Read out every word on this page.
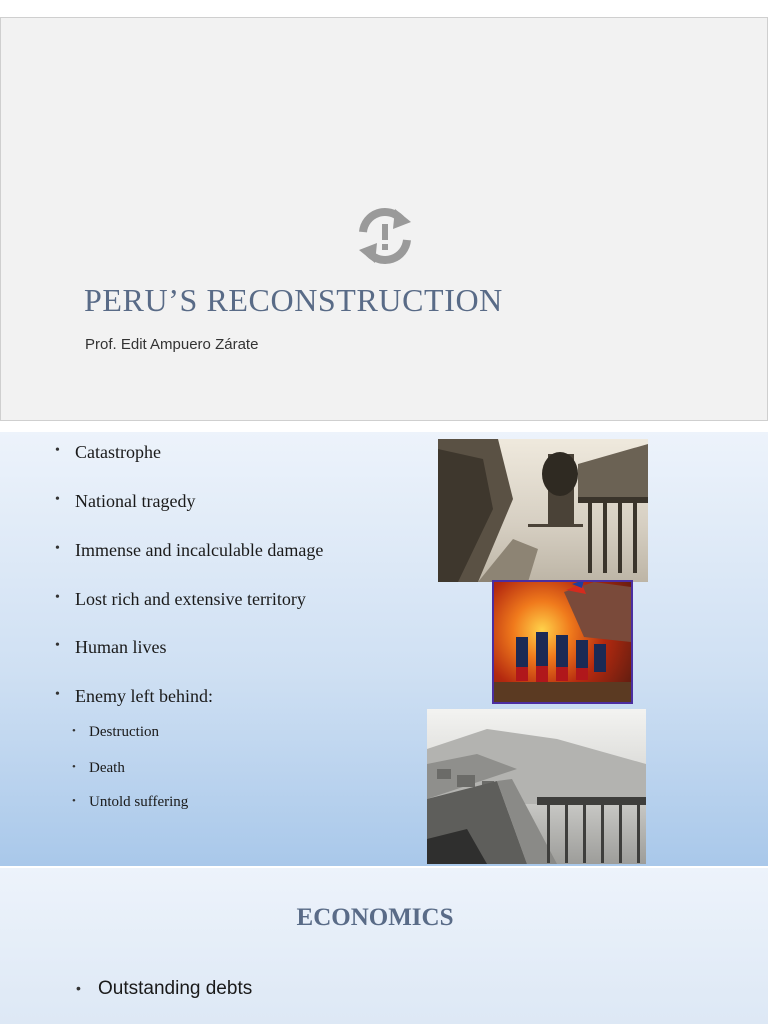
PERU’S RECONSTRUCTION

Prof. Edit Ampuero Zárate

• Catastrophe
• National tragedy
• Immense and incalculable damage
• Lost rich and extensive territory
• Human lives
• Enemy left behind:
• Destruction
• Death
• Untold suffering
ECONOMICS
• Outstanding debts
